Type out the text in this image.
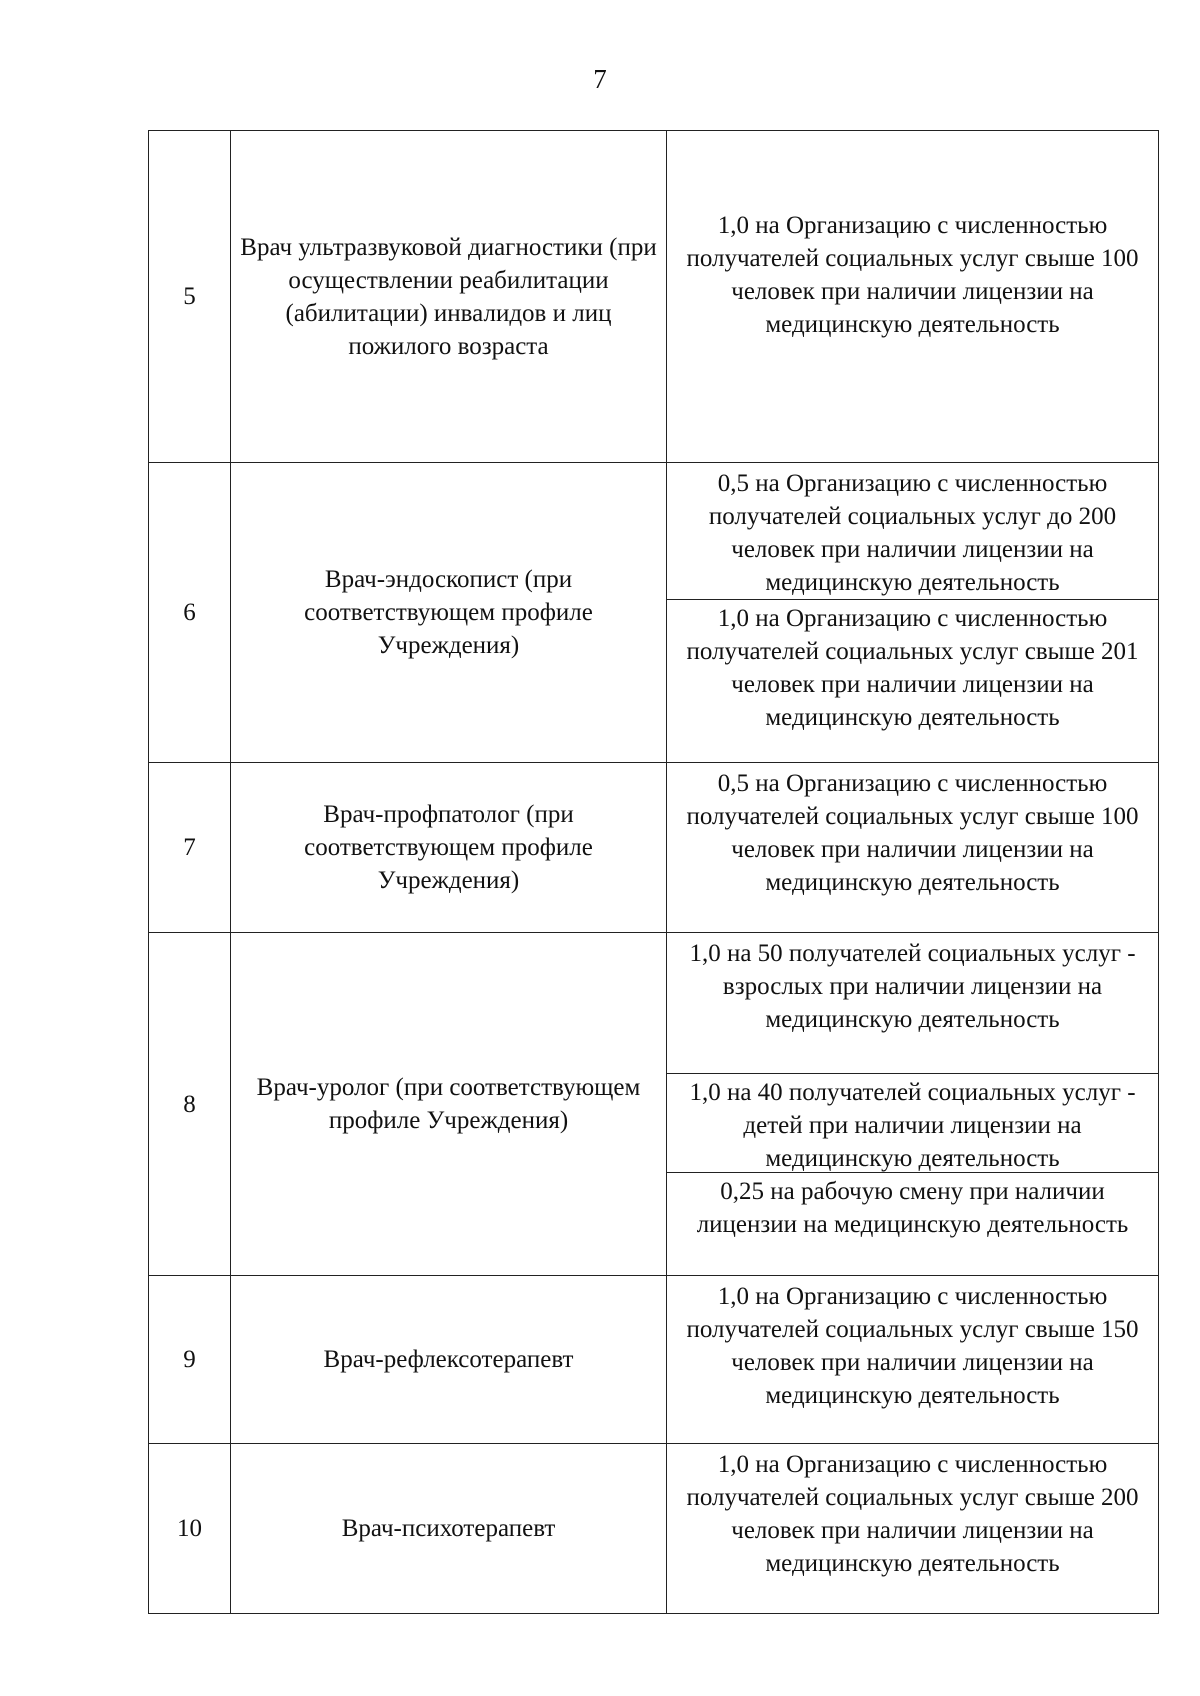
7
5	Врач ультразвуковой диагностики (при осуществлении реабилитации (абилитации) инвалидов и лиц пожилого возраста	1,0 на Организацию с численностью получателей социальных услуг свыше 100 человек при наличии лицензии на медицинскую деятельность

6	Врач-эндоскопист (при соответствующем профиле Учреждения)	0,5 на Организацию с численностью получателей социальных услуг до 200 человек при наличии лицензии на медицинскую деятельность
1,0 на Организацию с численностью получателей социальных услуг свыше 201 человек при наличии лицензии на медицинскую деятельность

7	Врач-профпатолог (при соответствующем профиле Учреждения)	0,5 на Организацию с численностью получателей социальных услуг свыше 100 человек при наличии лицензии на медицинскую деятельность

8	Врач-уролог (при соответствующем профиле Учреждения)	1,0 на 50 получателей социальных услуг - взрослых при наличии лицензии на медицинскую деятельность
1,0 на 40 получателей социальных услуг - детей при наличии лицензии на медицинскую деятельность
0,25 на рабочую смену при наличии лицензии на медицинскую деятельность

9	Врач-рефлексотерапевт	1,0 на Организацию с численностью получателей социальных услуг свыше 150 человек при наличии лицензии на медицинскую деятельность

10	Врач-психотерапевт	1,0 на Организацию с численностью получателей социальных услуг свыше 200 человек при наличии лицензии на медицинскую деятельность
